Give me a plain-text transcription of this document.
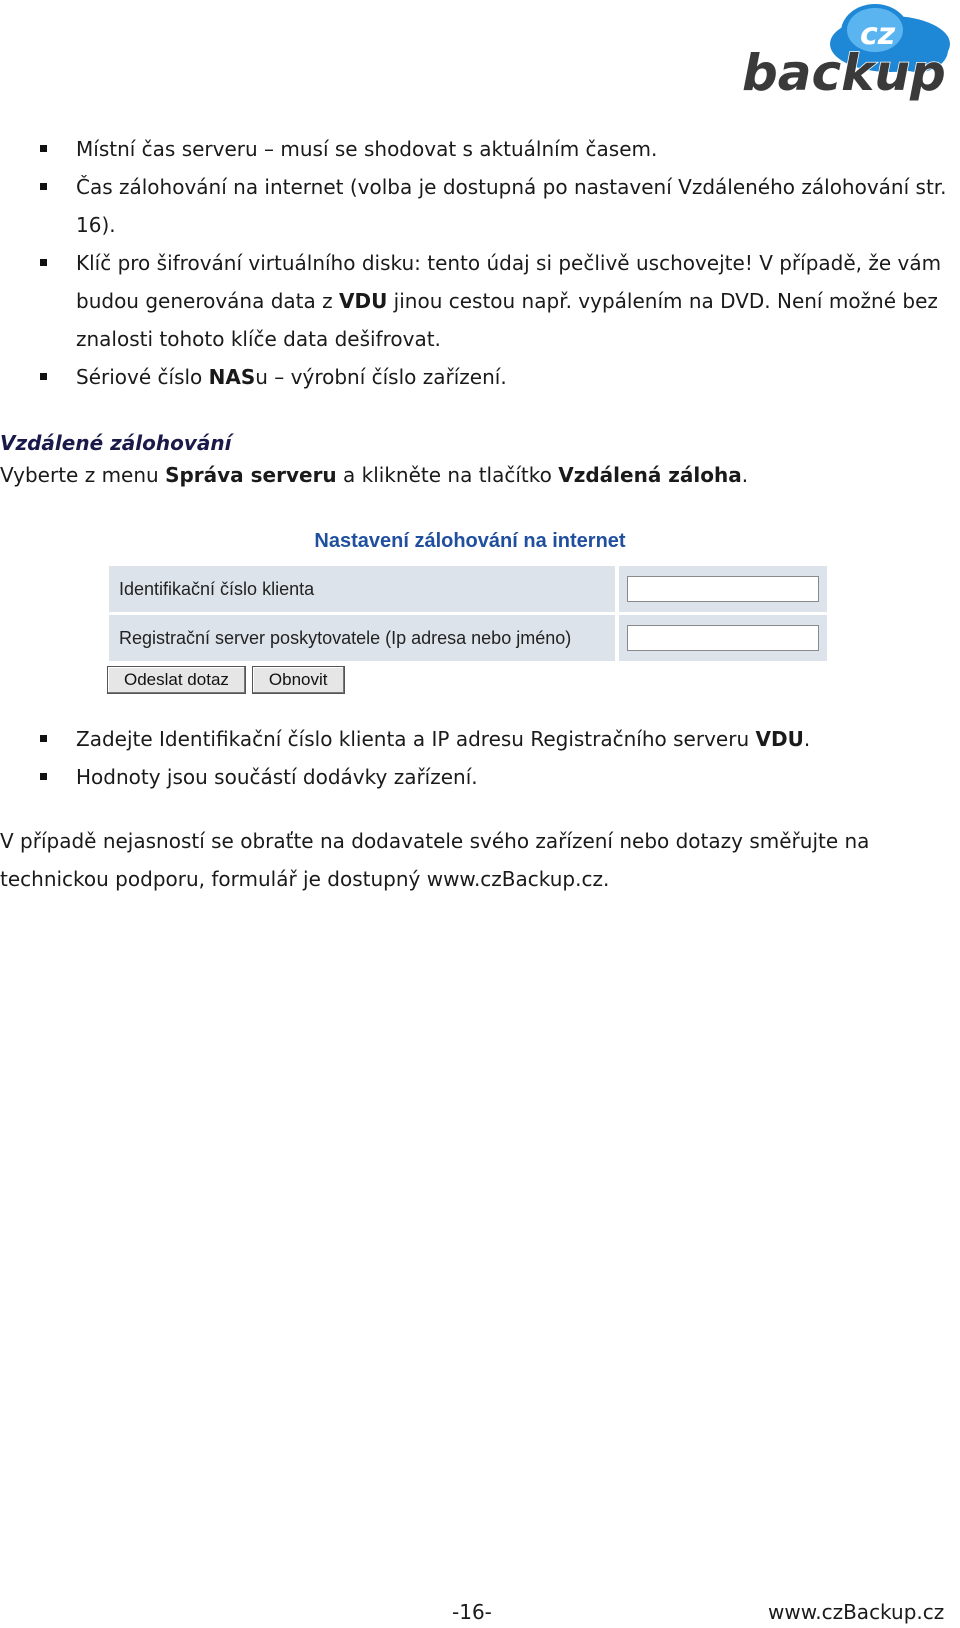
cz
backup
Místní čas serveru – musí se shodovat s aktuálním časem.
Čas zálohování na internet (volba je dostupná po nastavení Vzdáleného zálohování str. 16).
Klíč pro šifrování virtuálního disku: tento údaj si pečlivě uschovejte! V případě, že vám budou generována data z VDU jinou cestou např. vypálením na DVD. Není možné bez znalosti tohoto klíče data dešifrovat.
Sériové číslo NASu – výrobní číslo zařízení.
Vzdálené zálohování
Vyberte z menu Správa serveru a klikněte na tlačítko Vzdálená záloha.
Nastavení zálohování na internet
Identifikační číslo klienta
Registrační server poskytovatele (Ip adresa nebo jméno)
Odeslat dotaz	Obnovit
Zadejte Identifikační číslo klienta a IP adresu Registračního serveru VDU.
Hodnoty jsou součástí dodávky zařízení.
V případě nejasností se obraťte na dodavatele svého zařízení nebo dotazy směřujte na technickou podporu, formulář je dostupný www.czBackup.cz.
-16-	www.czBackup.cz
